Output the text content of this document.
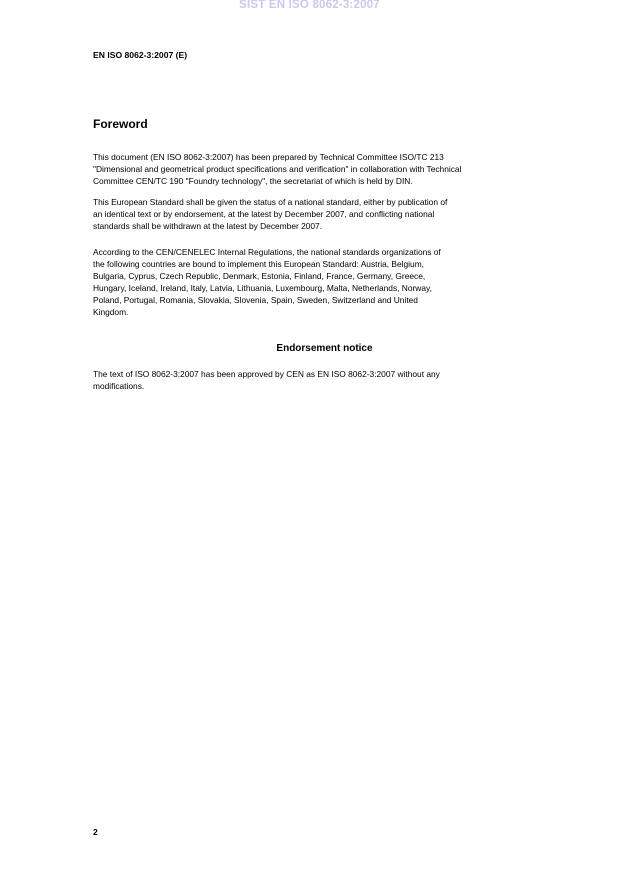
SIST EN ISO 8062-3:2007
EN ISO 8062-3:2007 (E)
Foreword
This document (EN ISO 8062-3:2007) has been prepared by Technical Committee ISO/TC 213
"Dimensional and geometrical product specifications and verification" in collaboration with Technical
Committee CEN/TC 190 "Foundry technology", the secretariat of which is held by DIN.
This European Standard shall be given the status of a national standard, either by publication of
an identical text or by endorsement, at the latest by December 2007, and conflicting national
standards shall be withdrawn at the latest by December 2007.
According to the CEN/CENELEC Internal Regulations, the national standards organizations of
the following countries are bound to implement this European Standard: Austria, Belgium,
Bulgaria, Cyprus, Czech Republic, Denmark, Estonia, Finland, France, Germany, Greece,
Hungary, Iceland, Ireland, Italy, Latvia, Lithuania, Luxembourg, Malta, Netherlands, Norway,
Poland, Portugal, Romania, Slovakia, Slovenia, Spain, Sweden, Switzerland and United
Kingdom.
Endorsement notice
The text of ISO 8062-3:2007 has been approved by CEN as EN ISO 8062-3:2007 without any
modifications.
2
